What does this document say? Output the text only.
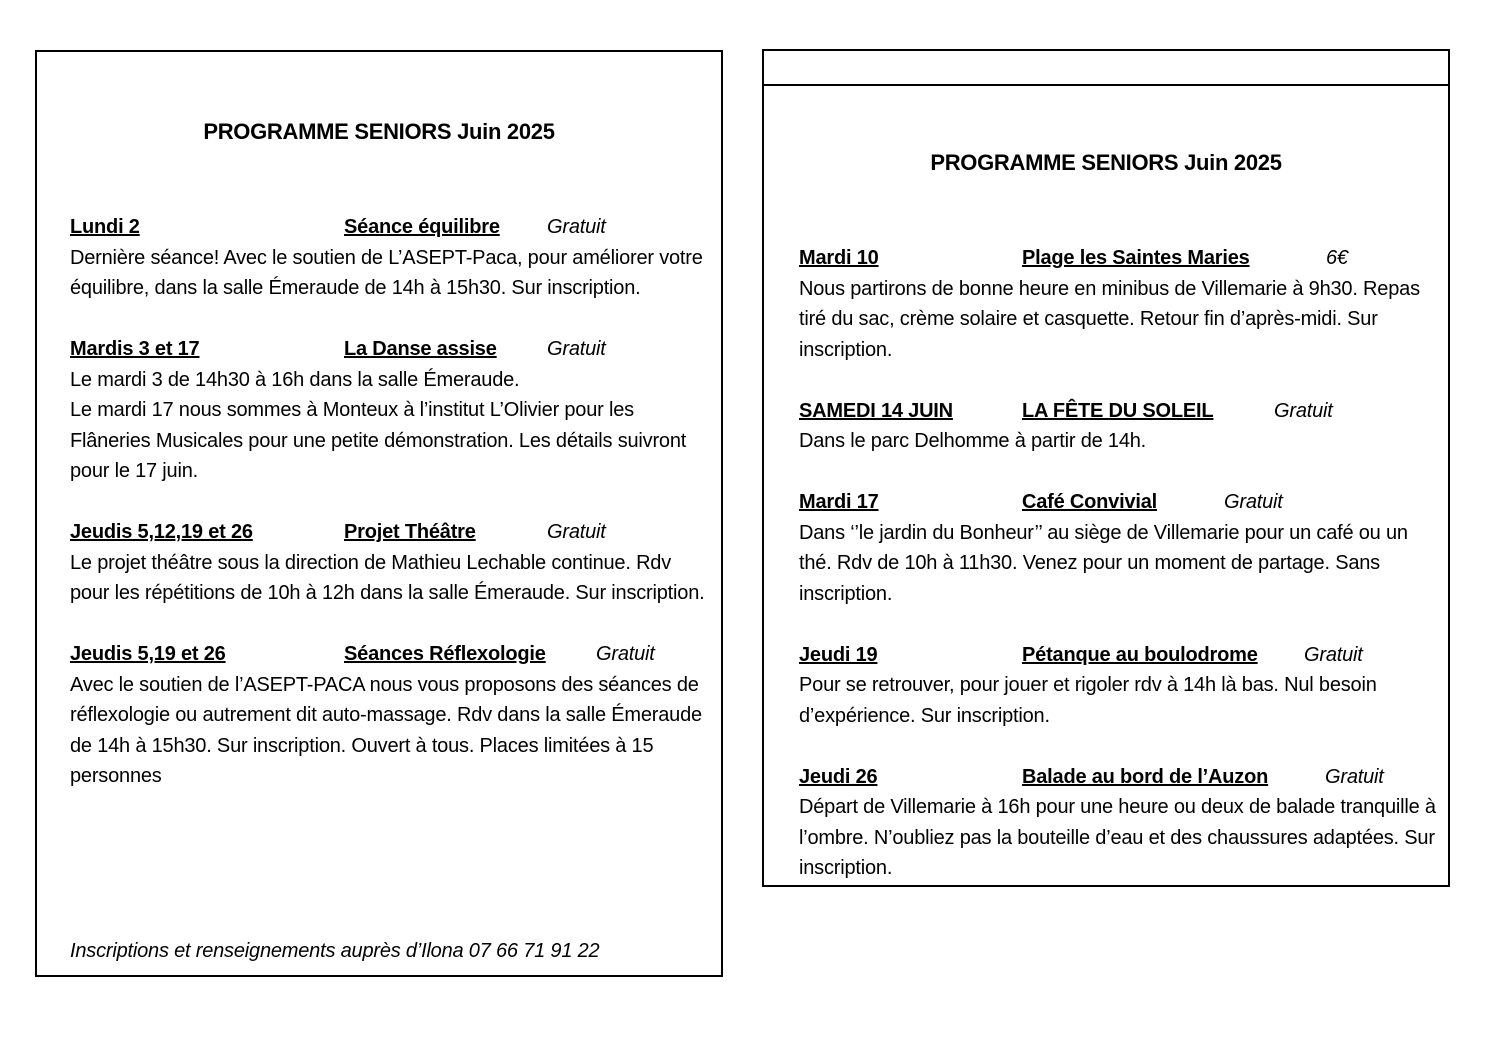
PROGRAMME SENIORS Juin 2025
Lundi 2	Séance équilibre Gratuit

Dernière séance! Avec le soutien de L’ASEPT-Paca, pour améliorer votre équilibre, dans la salle Émeraude de 14h à 15h30. Sur inscription.

Mardis 3 et 17	La Danse assise	Gratuit

Le mardi 3 de 14h30 à 16h dans la salle Émeraude.

Le mardi 17 nous sommes à Monteux à l’institut L’Olivier pour les Flâneries Musicales pour une petite démonstration. Les détails suivront pour le 17 juin.

Jeudis 5,12,19 et 26	Projet Théâtre	Gratuit

Le projet théâtre sous la direction de Mathieu Lechable continue. Rdv pour les répétitions de 10h à 12h dans la salle Émeraude. Sur inscription.

Jeudis 5,19 et 26	Séances Réflexologie	Gratuit

Avec le soutien de l’ASEPT-PACA nous vous proposons des séances de réflexologie ou autrement dit auto-massage. Rdv dans la salle Émeraude de 14h à 15h30. Sur inscription. Ouvert à tous. Places limitées à 15 personnes

Inscriptions et renseignements auprès d’Ilona 07 66 71 91 22
PROGRAMME SENIORS Juin 2025
Mardi 10	Plage les Saintes Maries	6€

Nous partirons de bonne heure en minibus de Villemarie à 9h30. Repas tiré du sac, crème solaire et casquette. Retour fin d’après-midi. Sur inscription.

SAMEDI 14 JUIN	LA FÊTE DU SOLEIL	Gratuit

Dans le parc Delhomme à partir de 14h.

Mardi 17	Café Convivial	Gratuit

Dans ‘’le jardin du Bonheur’’ au siège de Villemarie pour un café ou un thé. Rdv de 10h à 11h30. Venez pour un moment de partage. Sans inscription.

Jeudi 19	Pétanque au boulodrome Gratuit

Pour se retrouver, pour jouer et rigoler rdv à 14h là bas. Nul besoin d’expérience. Sur inscription.

Jeudi 26	Balade au bord de l’Auzon	Gratuit

Départ de Villemarie à 16h pour une heure ou deux de balade tranquille à l’ombre. N’oubliez pas la bouteille d’eau et des chaussures adaptées. Sur inscription.
